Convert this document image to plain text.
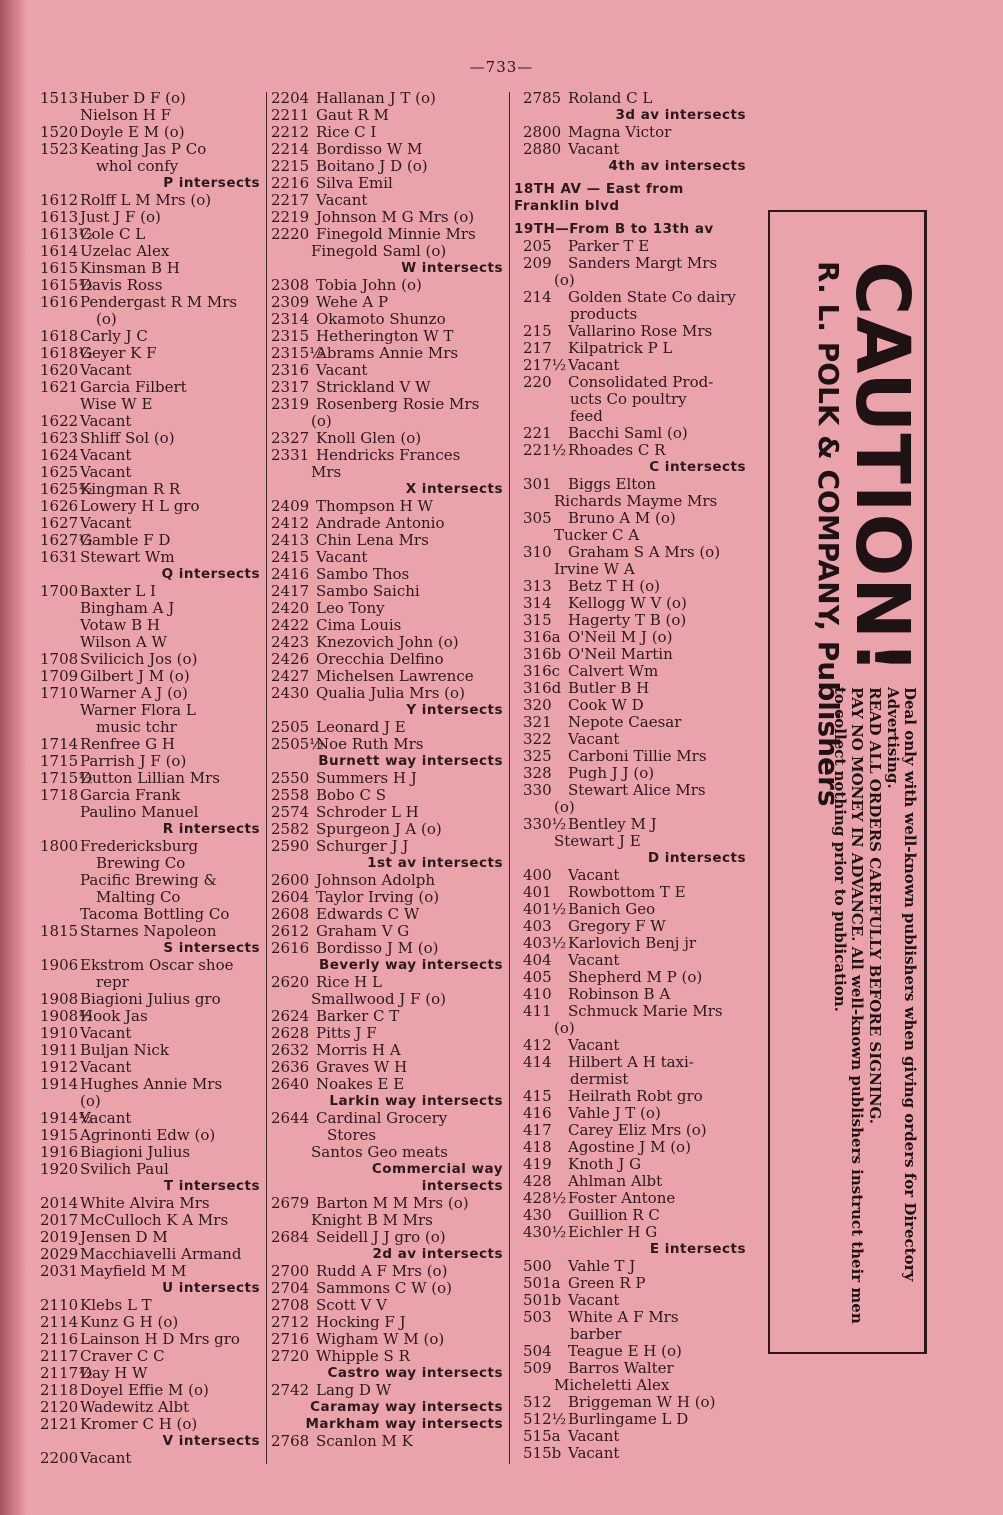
—733—
1513 Huber D F (o)
Nielson H F
1520 Doyle E M (o)
1523 Keating Jas P Co
whol confy
P intersects
1612 Rolff L M Mrs (o)
1613 Just J F (o)
1613½Cole C L
1614 Uzelac Alex
1615 Kinsman B H
1615½Davis Ross
1616 Pendergast R M Mrs
(o)
1618 Carly J C
1618½Geyer K F
1620 Vacant
1621 Garcia Filbert
Wise W E
1622 Vacant
1623 Shliff Sol (o)
1624 Vacant
1625 Vacant
1625½Kingman R R
1626 Lowery H L gro
1627 Vacant
1627½Gamble F D
1631 Stewart Wm
Q intersects
1700 Baxter L I
Bingham A J
Votaw B H
Wilson A W
1708 Svilicich Jos (o)
1709 Gilbert J M (o)
1710 Warner A J (o)
Warner Flora L
music tchr
1714 Renfree G H
1715 Parrish J F (o)
1715½Dutton Lillian Mrs
1718 Garcia Frank
Paulino Manuel
R intersects
1800 Fredericksburg
Brewing Co
Pacific Brewing &
Malting Co
Tacoma Bottling Co
1815 Starnes Napoleon
S intersects
1906 Ekstrom Oscar shoe
repr
1908 Biagioni Julius gro
1908½Hook Jas
1910 Vacant
1911 Buljan Nick
1912 Vacant
1914 Hughes Annie Mrs
(o)
1914½Vacant
1915 Agrinonti Edw (o)
1916 Biagioni Julius
1920 Svilich Paul
T intersects
2014 White Alvira Mrs
2017 McCulloch K A Mrs
2019 Jensen D M
2029 Macchiavelli Armand
2031 Mayfield M M
U intersects
2110 Klebs L T
2114 Kunz G H (o)
2116 Lainson H D Mrs gro
2117 Craver C C
2117½Day H W
2118 Doyel Effie M (o)
2120 Wadewitz Albt
2121 Kromer C H (o)
V intersects
2200 Vacant
2204 Hallanan J T (o)
2211 Gaut R M
2212 Rice C I
2214 Bordisso W M
2215 Boitano J D (o)
2216 Silva Emil
2217 Vacant
2219 Johnson M G Mrs (o)
2220 Finegold Minnie Mrs
Finegold Saml (o)
W intersects
2308 Tobia John (o)
2309 Wehe A P
2314 Okamoto Shunzo
2315 Hetherington W T
2315½Abrams Annie Mrs
2316 Vacant
2317 Strickland V W
2319 Rosenberg Rosie Mrs
(o)
2327 Knoll Glen (o)
2331 Hendricks Frances
Mrs
X intersects
2409 Thompson H W
2412 Andrade Antonio
2413 Chin Lena Mrs
2415 Vacant
2416 Sambo Thos
2417 Sambo Saichi
2420 Leo Tony
2422 Cima Louis
2423 Knezovich John (o)
2426 Orecchia Delfino
2427 Michelsen Lawrence
2430 Qualia Julia Mrs (o)
Y intersects
2505 Leonard J E
2505½Noe Ruth Mrs
Burnett way intersects
2550 Summers H J
2558 Bobo C S
2574 Schroder L H
2582 Spurgeon J A (o)
2590 Schurger J J
1st av intersects
2600 Johnson Adolph
2604 Taylor Irving (o)
2608 Edwards C W
2612 Graham V G
2616 Bordisso J M (o)
Beverly way intersects
2620 Rice H L
Smallwood J F (o)
2624 Barker C T
2628 Pitts J F
2632 Morris H A
2636 Graves W H
2640 Noakes E E
Larkin way intersects
2644 Cardinal Grocery
Stores
Santos Geo meats
Commercial way
intersects
2679 Barton M M Mrs (o)
Knight B M Mrs
2684 Seidell J J gro (o)
2d av intersects
2700 Rudd A F Mrs (o)
2704 Sammons C W (o)
2708 Scott V V
2712 Hocking F J
2716 Wigham W M (o)
2720 Whipple S R
Castro way intersects
2742 Lang D W
Caramay way intersects
Markham way intersects
2768 Scanlon M K
2785 Roland C L
3d av intersects
2800 Magna Victor
2880 Vacant
4th av intersects
18TH AV — East from
Franklin blvd
19TH—From B to 13th av
205 Parker T E
209 Sanders Margt Mrs
(o)
214 Golden State Co dairy
products
215 Vallarino Rose Mrs
217 Kilpatrick P L
217½ Vacant
220 Consolidated Prod-
ucts Co poultry
feed
221 Bacchi Saml (o)
221½ Rhoades C R
C intersects
301 Biggs Elton
Richards Mayme Mrs
305 Bruno A M (o)
Tucker C A
310 Graham S A Mrs (o)
Irvine W A
313 Betz T H (o)
314 Kellogg W V (o)
315 Hagerty T B (o)
316a O'Neil M J (o)
316b O'Neil Martin
316c Calvert Wm
316d Butler B H
320 Cook W D
321 Nepote Caesar
322 Vacant
325 Carboni Tillie Mrs
328 Pugh J J (o)
330 Stewart Alice Mrs
(o)
330½ Bentley M J
Stewart J E
D intersects
400 Vacant
401 Rowbottom T E
401½ Banich Geo
403 Gregory F W
403½ Karlovich Benj jr
404 Vacant
405 Shepherd M P (o)
410 Robinson B A
411 Schmuck Marie Mrs
(o)
412 Vacant
414 Hilbert A H taxi-
dermist
415 Heilrath Robt gro
416 Vahle J T (o)
417 Carey Eliz Mrs (o)
418 Agostine J M (o)
419 Knoth J G
428 Ahlman Albt
428½ Foster Antone
430 Guillion R C
430½ Eichler H G
E intersects
500 Vahle T J
501a Green R P
501b Vacant
503 White A F Mrs
barber
504 Teague E H (o)
509 Barros Walter
Micheletti Alex
512 Briggeman W H (o)
512½ Burlingame L D
515a Vacant
515b Vacant
CAUTION!
R. L. POLK & COMPANY, Publishers

Deal only with well-known publishers when giving orders for Directory Advertising.

READ ALL ORDERS CAREFULLY BEFORE SIGNING.

PAY NO MONEY IN ADVANCE. All well-known publishers instruct their men to collect nothing prior to publication.
